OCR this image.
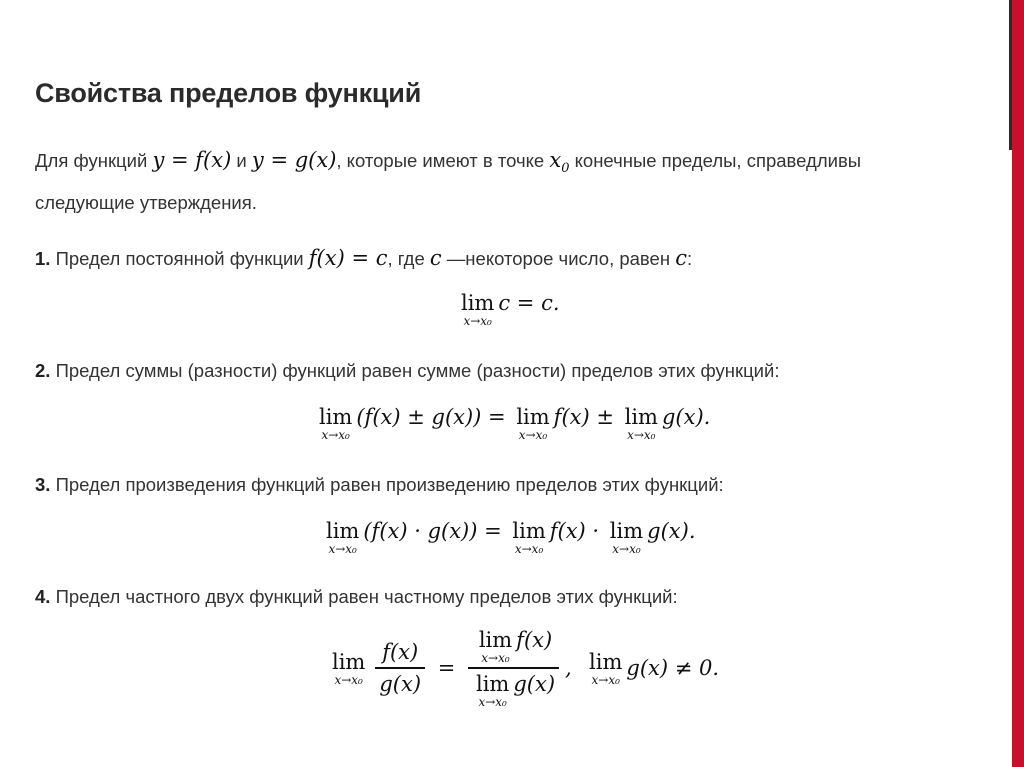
Свойства пределов функций
Для функций y = f(x) и y = g(x), которые имеют в точке $x_0$ конечные пределы, справедливы
следующие утверждения.
1. Предел постоянной функции f(x) = c, где c —некоторое число, равен c:
lim
x→x₀
c = c.
2. Предел суммы (разности) функций равен сумме (разности) пределов этих функций:
lim
x→x₀
(f(x) ± g(x)) = lim
x→x₀
f(x) ± lim
x→x₀
g(x).
3. Предел произведения функций равен произведению пределов этих функций:
lim
x→x₀
(f(x) · g(x)) = lim
x→x₀
f(x) · lim
x→x₀
g(x).
4. Предел частного двух функций равен частному пределов этих функций:
lim
$x\to x_0 \frac{f(x)}{g(x)} = \lim$
x→x₀
f(x)
lim
x→x₀
g(x) , lim
x→x₀ g(x) ≠ 0.
